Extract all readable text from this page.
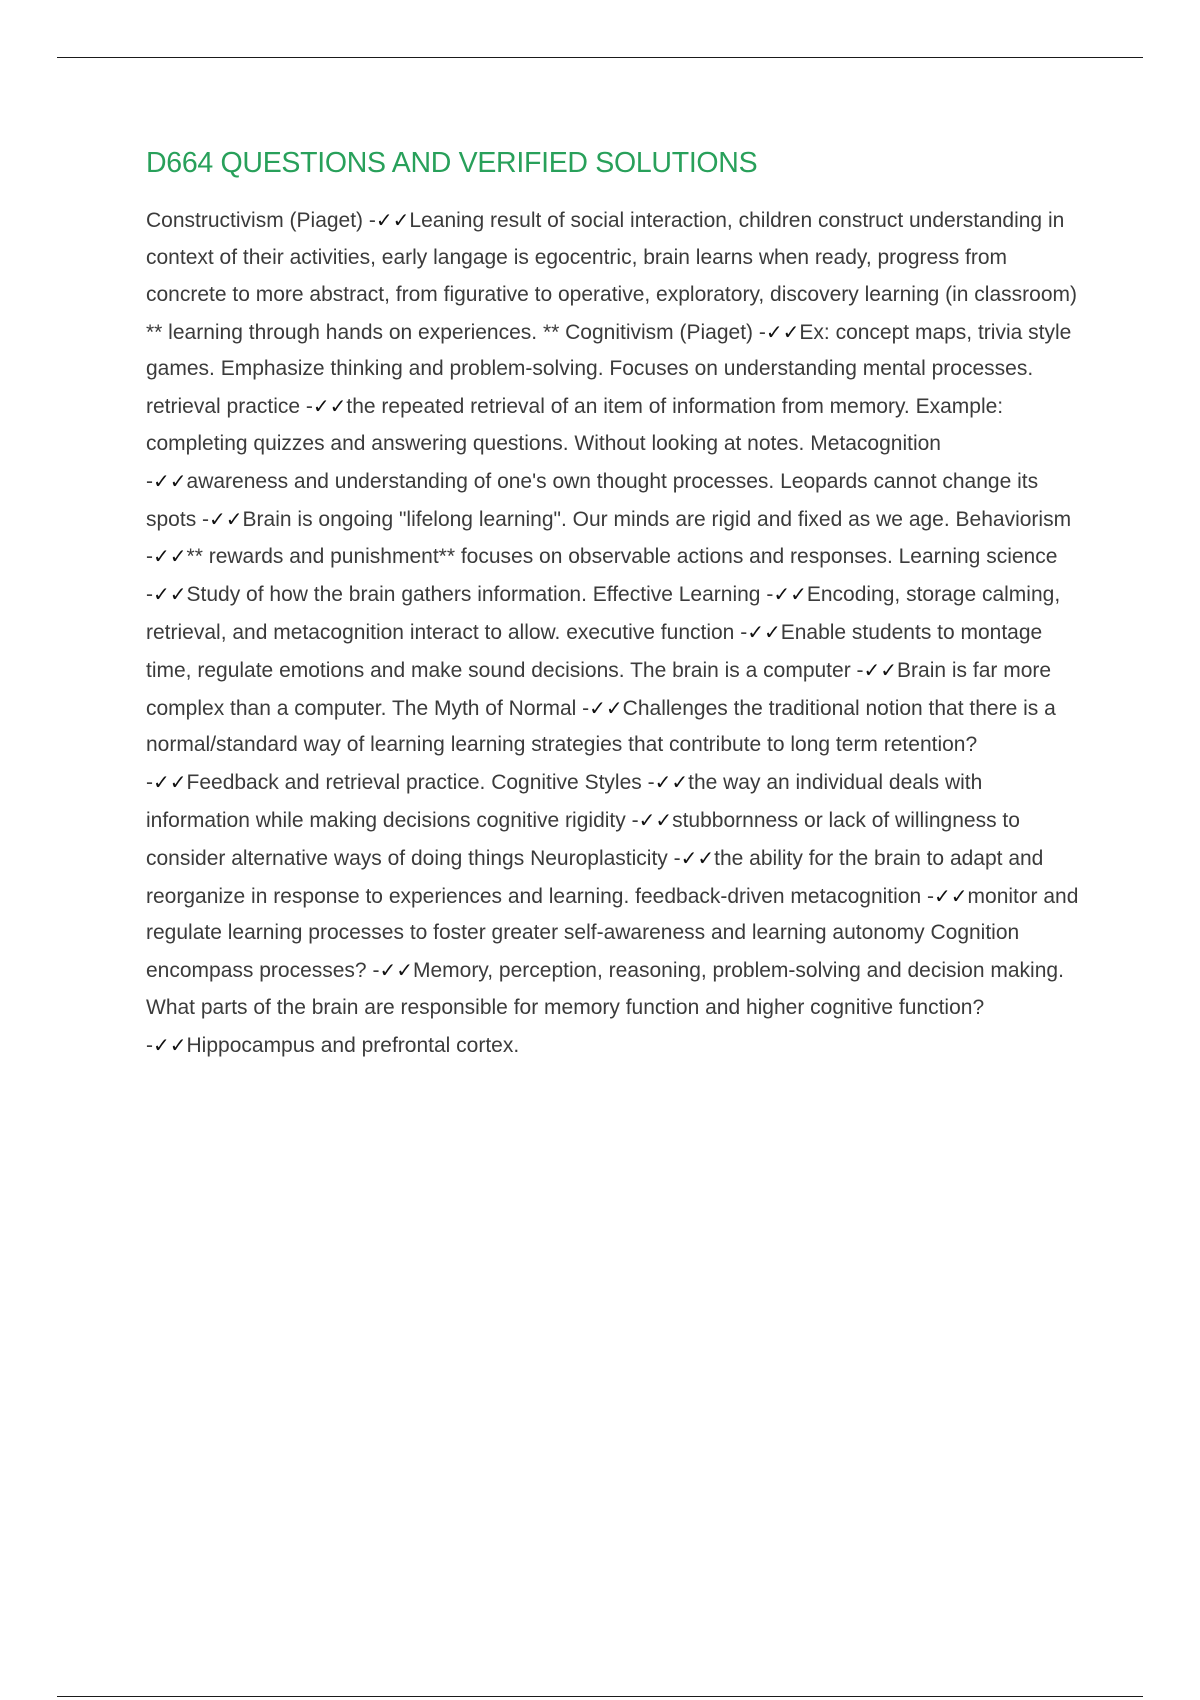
D664 QUESTIONS AND VERIFIED SOLUTIONS

Constructivism (Piaget) -✓✓Leaning result of social interaction, children construct understanding in context of their activities, early langage is egocentric, brain learns when ready, progress from concrete to more abstract, from figurative to operative, exploratory, discovery learning (in classroom) ** learning through hands on experiences. ** Cognitivism (Piaget) -✓✓Ex: concept maps, trivia style games. Emphasize thinking and problem-solving. Focuses on understanding mental processes. retrieval practice -✓✓the repeated retrieval of an item of information from memory. Example: completing quizzes and answering questions. Without looking at notes. Metacognition -✓✓awareness and understanding of one's own thought processes. Leopards cannot change its spots -✓✓Brain is ongoing "lifelong learning". Our minds are rigid and fixed as we age. Behaviorism -✓✓** rewards and punishment** focuses on observable actions and responses. Learning science -✓✓Study of how the brain gathers information. Effective Learning -✓✓Encoding, storage calming, retrieval, and metacognition interact to allow. executive function -✓✓Enable students to montage time, regulate emotions and make sound decisions. The brain is a computer -✓✓Brain is far more complex than a computer. The Myth of Normal -✓✓Challenges the traditional notion that there is a normal/standard way of learning learning strategies that contribute to long term retention? -✓✓Feedback and retrieval practice. Cognitive Styles -✓✓the way an individual deals with information while making decisions cognitive rigidity -✓✓stubbornness or lack of willingness to consider alternative ways of doing things Neuroplasticity -✓✓the ability for the brain to adapt and reorganize in response to experiences and learning. feedback-driven metacognition -✓✓monitor and regulate learning processes to foster greater self-awareness and learning autonomy Cognition encompass processes? -✓✓Memory, perception, reasoning, problem-solving and decision making. What parts of the brain are responsible for memory function and higher cognitive function? -✓✓Hippocampus and prefrontal cortex.
